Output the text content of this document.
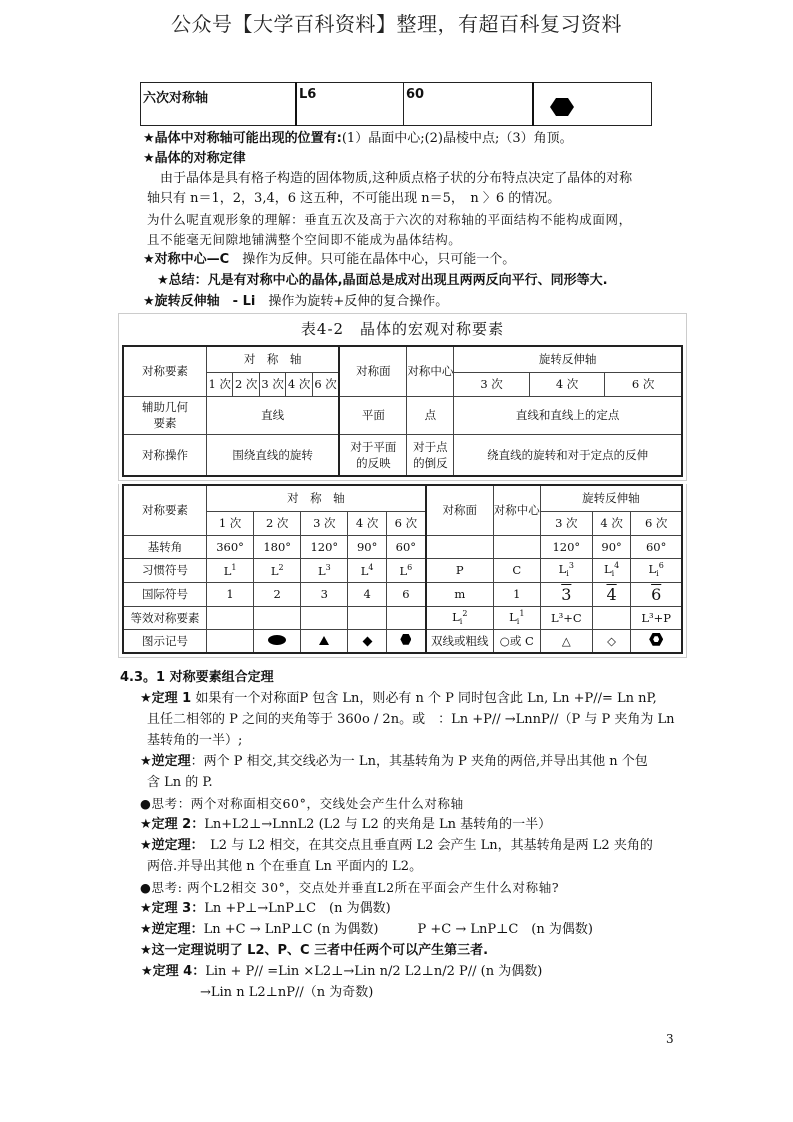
公众号【大学百科资料】整理，有超百科复习资料
六次对称轴	L6	60	
★晶体中对称轴可能出现的位置有:(1）晶面中心;(2)晶棱中点;（3）角顶。
★晶体的对称定律
由于晶体是具有格子构造的固体物质,这种质点格子状的分布特点决定了晶体的对称
轴只有 n＝1，2，3,4，6 这五种，不可能出现 n＝5，　n 〉6 的情况。
为什么呢直观形象的理解：垂直五次及高于六次的对称轴的平面结构不能构成面网，
且不能毫无间隙地铺满整个空间即不能成为晶体结构。
★对称中心—C　操作为反伸。只可能在晶体中心，只可能一个。
★总结：凡是有对称中心的晶体,晶面总是成对出现且两两反向平行、同形等大.
★旋转反伸轴　- Li　操作为旋转+反伸的复合操作。
表4-2　晶体的宏观对称要素
对称要素	对　称　轴					对称面	对称中心	旋转反伸轴		
	1 次	2 次	3 次	4 次	6 次			3 次	4 次	6 次
辅助几何要素	直线					平面	点	直线和直线上的定点		
对称操作	围绕直线的旋转					对于平面的反映	对于点的倒反	绕直线的旋转和对于定点的反伸		
对称要素	对　称　轴					对称面	对称中心	旋转反伸轴		
	1 次	2 次	3 次	4 次	6 次			3 次	4 次	6 次
基转角	360°	180°	120°	90°	60°			120°	90°	60°
习惯符号	$L^1$	$L^2$	$L^3$	$L^4$	$L^6$	P	C	$L_i^3$	$L_i^4$	$L_i^6$
国际符号	1	2	3	4	6	m	1	3	4	6
等效对称要素						$L_i^2$	$L_i^1$	L³+C		L³+P
图示记号						双线或粗线	○或 C	△	◇	
4.3。1 对称要素组合定理
★定理 1 如果有一个对称面P 包含 Ln，则必有 n 个 P 同时包含此 Ln, Ln +P//= Ln nP,
且任二相邻的 P 之间的夹角等于 360o / 2n。或　：Ln +P// →LnnP//（P 与 P 夹角为 Ln
基转角的一半）;
★逆定理：两个 P 相交,其交线必为一 Ln，其基转角为 P 夹角的两倍,并导出其他 n 个包
含 Ln 的 P.
●思考：两个对称面相交60°，交线处会产生什么对称轴
★定理 2：Ln+L2⊥→LnnL2 (L2 与 L2 的夹角是 Ln 基转角的一半）
★逆定理：　L2 与 L2 相交，在其交点且垂直两 L2 会产生 Ln，其基转角是两 L2 夹角的
两倍.并导出其他 n 个在垂直 Ln 平面内的 L2。
●思考: 两个L2相交 30°，交点处并垂直L2所在平面会产生什么对称轴?
★定理 3：Ln +P⊥→LnP⊥C　(n 为偶数)
★逆定理：Ln +C → LnP⊥C (n 为偶数)　　　P +C → LnP⊥C　(n 为偶数)
★这一定理说明了 L2、P、C 三者中任两个可以产生第三者.
★定理 4：Lin + P// =Lin ×L2⊥→Lin n/2 L2⊥n/2 P// (n 为偶数)
→Lin n L2⊥nP//（n 为奇数)
3
